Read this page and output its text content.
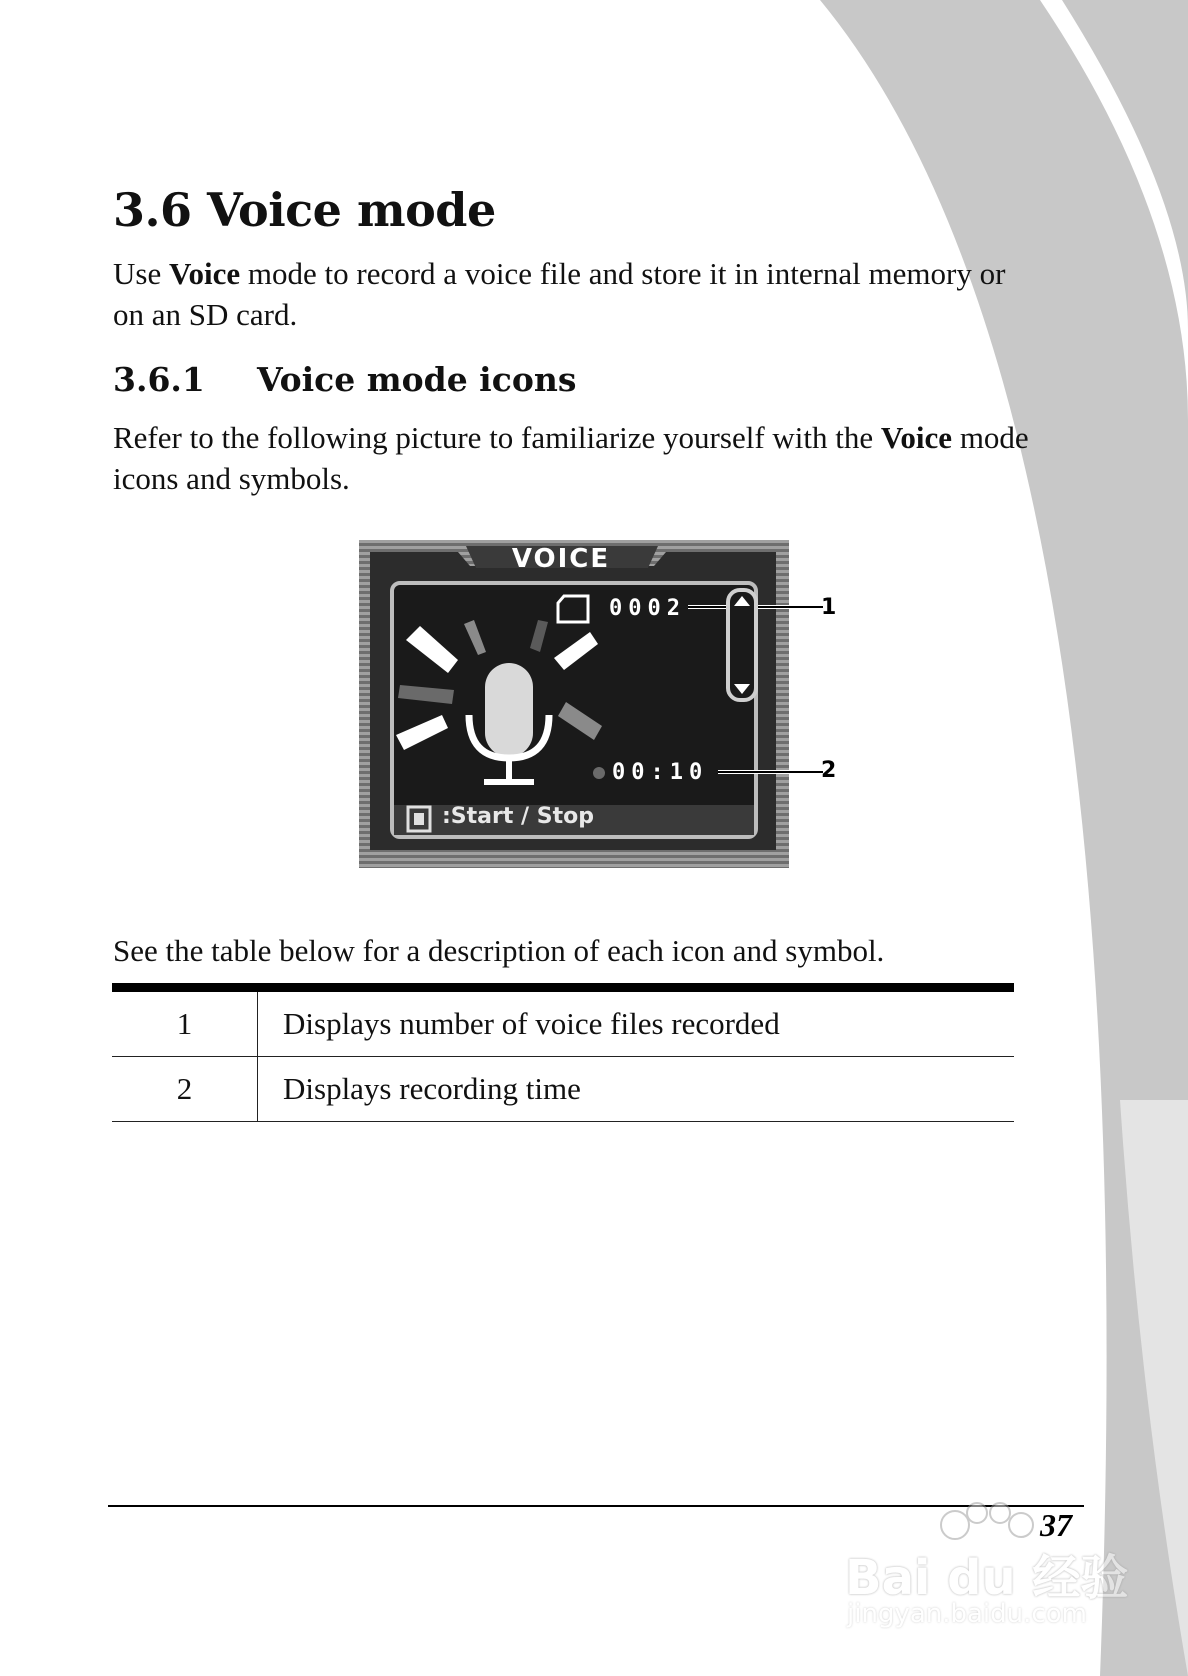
3.6 Voice mode

Use Voice mode to record a voice file and store it in internal memory or on an SD card.

3.6.1 Voice mode icons

Refer to the following picture to familiarize yourself with the Voice mode icons and symbols.

VOICE
0002
00:10
:Start / Stop
1
2

See the table below for a description of each icon and symbol.

1	Displays number of voice files recorded
2	Displays recording time
Bai du 经验
jingyan.baidu.com
37
